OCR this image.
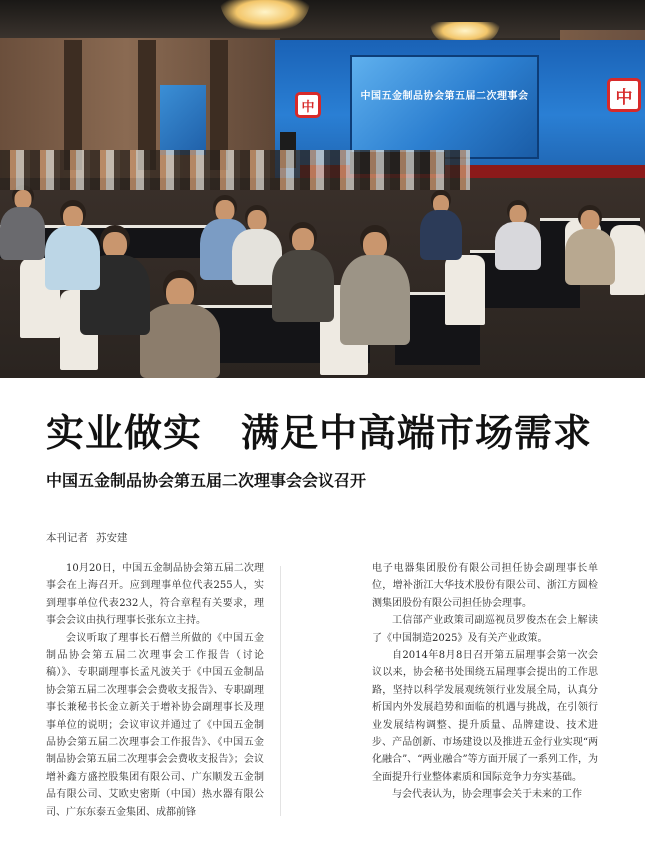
中	中
中国五金制品协会第五届二次理事会
实业做实　满足中高端市场需求
中国五金制品协会第五届二次理事会会议召开
本刊记者 苏安建

10月20日，中国五金制品协会第五届二次理事会在上海召开。应到理事单位代表255人，实到理事单位代表232人，符合章程有关要求，理事会会议由执行理事长张东立主持。

会议听取了理事长石僧兰所做的《中国五金制品协会第五届二次理事会工作报告（讨论稿）》、专职副理事长孟凡波关于《中国五金制品协会第五届二次理事会会费收支报告》、专职副理事长兼秘书长金立新关于增补协会副理事长及理事单位的说明；会议审议并通过了《中国五金制品协会第五届二次理事会工作报告》、《中国五金制品协会第五届二次理事会会费收支报告》；会议增补鑫方盛控股集团有限公司、广东顺发五金制品有限公司、艾欧史密斯（中国）热水器有限公司、广东东泰五金集团、成都前锋

电子电器集团股份有限公司担任协会副理事长单位，增补浙江大华技术股份有限公司、浙江方圆检测集团股份有限公司担任协会理事。

工信部产业政策司副巡视员罗俊杰在会上解读了《中国制造2025》及有关产业政策。

自2014年8月8日召开第五届理事会第一次会议以来，协会秘书处围绕五届理事会提出的工作思路，坚持以科学发展观统领行业发展全局，认真分析国内外发展趋势和面临的机遇与挑战，在引领行业发展结构调整、提升质量、品牌建设、技术进步、产品创新、市场建设以及推进五金行业实现“两化融合”、“两业融合”等方面开展了一系列工作，为全面提升行业整体素质和国际竞争力夯实基础。

与会代表认为，协会理事会关于未来的工作
